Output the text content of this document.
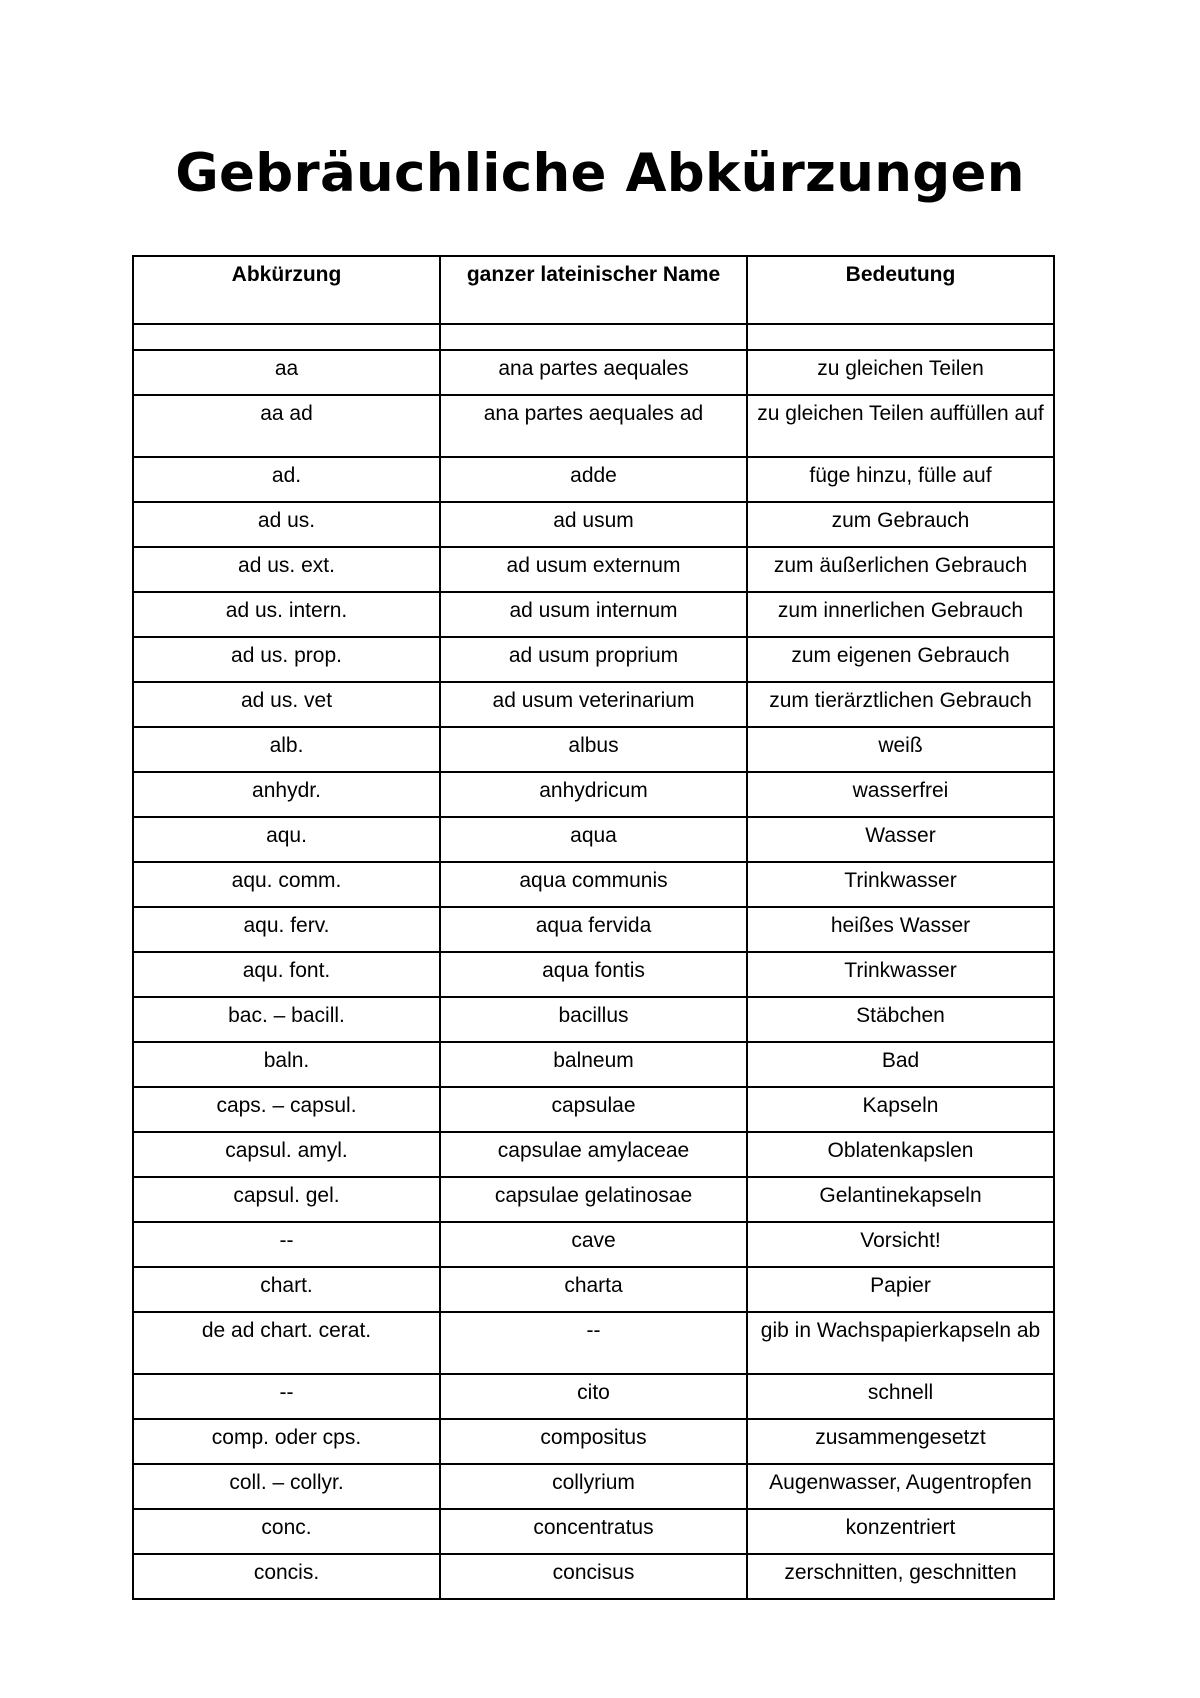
Gebräuchliche Abkürzungen
Abkürzung	ganzer lateinischer Name	Bedeutung

aa	ana partes aequales	zu gleichen Teilen
aa ad	ana partes aequales ad	zu gleichen Teilen auffüllen auf
ad.	adde	füge hinzu, fülle auf
ad us.	ad usum	zum Gebrauch
ad us. ext.	ad usum externum	zum äußerlichen Gebrauch
ad us. intern.	ad usum internum	zum innerlichen Gebrauch
ad us. prop.	ad usum proprium	zum eigenen Gebrauch
ad us. vet	ad usum veterinarium	zum tierärztlichen Gebrauch
alb.	albus	weiß
anhydr.	anhydricum	wasserfrei
aqu.	aqua	Wasser
aqu. comm.	aqua communis	Trinkwasser
aqu. ferv.	aqua fervida	heißes Wasser
aqu. font.	aqua fontis	Trinkwasser
bac. – bacill.	bacillus	Stäbchen
baln.	balneum	Bad
caps. – capsul.	capsulae	Kapseln
capsul. amyl.	capsulae amylaceae	Oblatenkapslen
capsul. gel.	capsulae gelatinosae	Gelantinekapseln
--	cave	Vorsicht!
chart.	charta	Papier
de ad chart. cerat.	--	gib in Wachspapierkapseln ab
--	cito	schnell
comp. oder cps.	compositus	zusammengesetzt
coll. – collyr.	collyrium	Augenwasser, Augentropfen
conc.	concentratus	konzentriert
concis.	concisus	zerschnitten, geschnitten
